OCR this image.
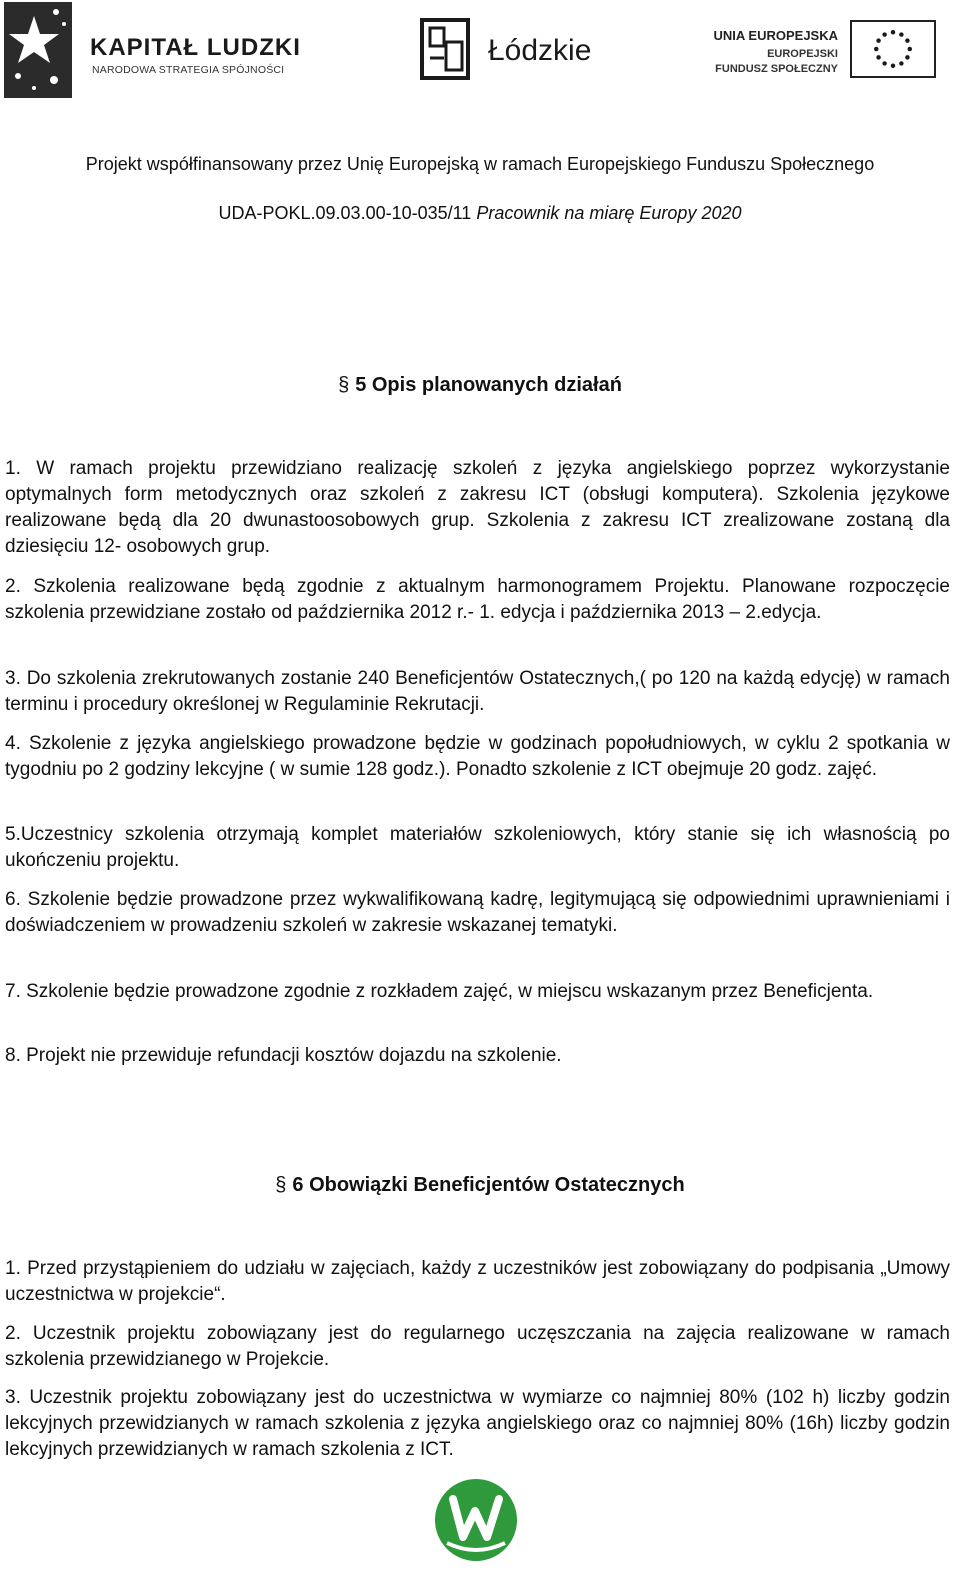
KAPITAŁ LUDZKI
NARODOWA STRATEGIA SPÓJNOŚCI
Łódzkie	UNIA EUROPEJSKA
EUROPEJSKI
FUNDUSZ SPOŁECZNY
Projekt współfinansowany przez Unię Europejską w ramach Europejskiego Funduszu Społecznego
UDA-POKL.09.03.00-10-035/11 Pracownik na miarę Europy 2020
§ 5 Opis planowanych działań

1. W ramach projektu przewidziano realizację szkoleń z języka angielskiego poprzez wykorzystanie optymalnych form metodycznych oraz szkoleń z zakresu ICT (obsługi komputera). Szkolenia językowe realizowane będą dla 20 dwunastoosobowych grup. Szkolenia z zakresu ICT zrealizowane zostaną dla dziesięciu 12- osobowych grup.

2. Szkolenia realizowane będą zgodnie z aktualnym harmonogramem Projektu. Planowane rozpoczęcie szkolenia przewidziane zostało od października 2012 r.- 1. edycja i października 2013 – 2.edycja.

3. Do szkolenia zrekrutowanych zostanie 240 Beneficjentów Ostatecznych,( po 120 na każdą edycję) w ramach terminu i procedury określonej w Regulaminie Rekrutacji.

4. Szkolenie z języka angielskiego prowadzone będzie w godzinach popołudniowych, w cyklu 2 spotkania w tygodniu po 2 godziny lekcyjne ( w sumie 128 godz.). Ponadto szkolenie z ICT obejmuje 20 godz. zajęć.

5.Uczestnicy szkolenia otrzymają komplet materiałów szkoleniowych, który stanie się ich własnością po ukończeniu projektu.

6. Szkolenie będzie prowadzone przez wykwalifikowaną kadrę, legitymującą się odpowiednimi uprawnieniami i doświadczeniem w prowadzeniu szkoleń w zakresie wskazanej tematyki.

7. Szkolenie będzie prowadzone zgodnie z rozkładem zajęć, w miejscu wskazanym przez Beneficjenta.

8. Projekt nie przewiduje refundacji kosztów dojazdu na szkolenie.

§ 6 Obowiązki Beneficjentów Ostatecznych

1. Przed przystąpieniem do udziału w zajęciach, każdy z uczestników jest zobowiązany do podpisania „Umowy uczestnictwa w projekcie“.

2. Uczestnik projektu zobowiązany jest do regularnego uczęszczania na zajęcia realizowane w ramach szkolenia przewidzianego w Projekcie.

3. Uczestnik projektu zobowiązany jest do uczestnictwa w wymiarze co najmniej 80% (102 h) liczby godzin lekcyjnych przewidzianych w ramach szkolenia z języka angielskiego oraz co najmniej 80% (16h) liczby godzin lekcyjnych przewidzianych w ramach szkolenia z ICT.
